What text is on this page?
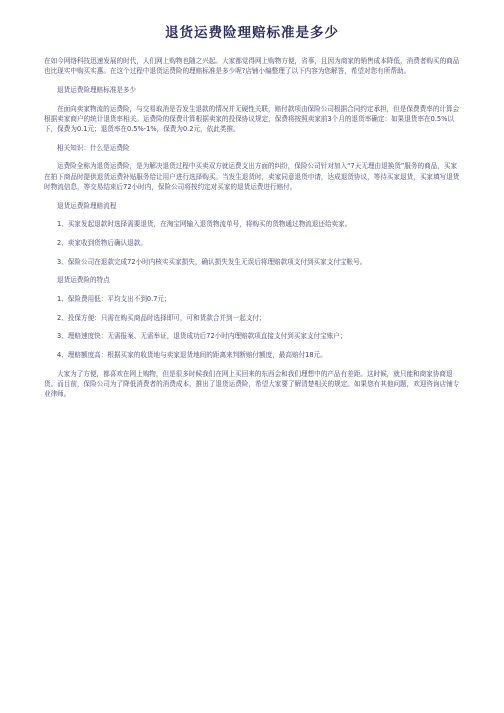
退货运费险理赔标准是多少

在如今网络科技迅速发展的时代，人们网上购物也随之兴起。大家都觉得网上购物方便，省事，且因为商家的销售成本降低，消费者购买的商品也比现实中购买实惠。在这个过程中退货运费险的理赔标准是多少呢?店铺小编整理了以下内容为您解答，希望对您有所帮助。

退货运费险理赔标准是多少

在面向卖家物流的运费险，与交易取消是否发生退款的情况并无硬性关联，赔付款项由保险公司根据合同约定承担，但是保费费率的计算会根据卖家商户的统计退货率相关。运费险的保费计算根据卖家的投保协议规定，保费将按照卖家前3个月的退货率确定：如果退货率在0.5%以下，保费为0.1元；退货率在0.5%-1%，保费为0.2元，依此类推。

相关知识：什么是运费险

运费险全称为退货运费险，是为解决退货过程中买卖双方就运费支出方面的纠纷，保险公司针对加入“7天无理由退换货”服务的商品，买家在拍下商品时提供退货运费补贴服务给让用户进行选择购买。当发生退货时，卖家同意退货申请，达成退货协议，等待买家退货，买家填写退货时物流信息，等交易结束后72小时内，保险公司将按约定对买家的退货运费进行赔付。

退货运费险理赔流程

1、买家发起退款时选择需要退货，在淘宝网输入退货物流单号，将购买的货物通过物流退还给卖家。

2、卖家收到货物后确认退款。

3、保险公司在退款完成72小时内核实买家损失，确认损失发生无误后将理赔款项支付到买家支付宝帐号。

退货运费险的特点

1、保险费用低：平均支出不到0.7元；

2、投保方便：只需在购买商品时选择即可，可和货款合并到一起支付；

3、理赔速度快：无需报案、无需举证，退货成功后72小时内理赔款项直接支付到买家支付宝账户；

4、理赔额度高：根据买家的收货地与卖家退货地间的距离来判断赔付额度，最高赔付18元。

大家为了方便，都喜欢在网上购物，但是很多时候我们在网上买回来的东西会和我们理想中的产品有差距。这时候，就只能和商家协商退货。而目前，保险公司为了降低消费者的消费成本，推出了退货运费险，希望大家要了解清楚相关的规定。如果您有其他问题，欢迎咨询店铺专业律师。
